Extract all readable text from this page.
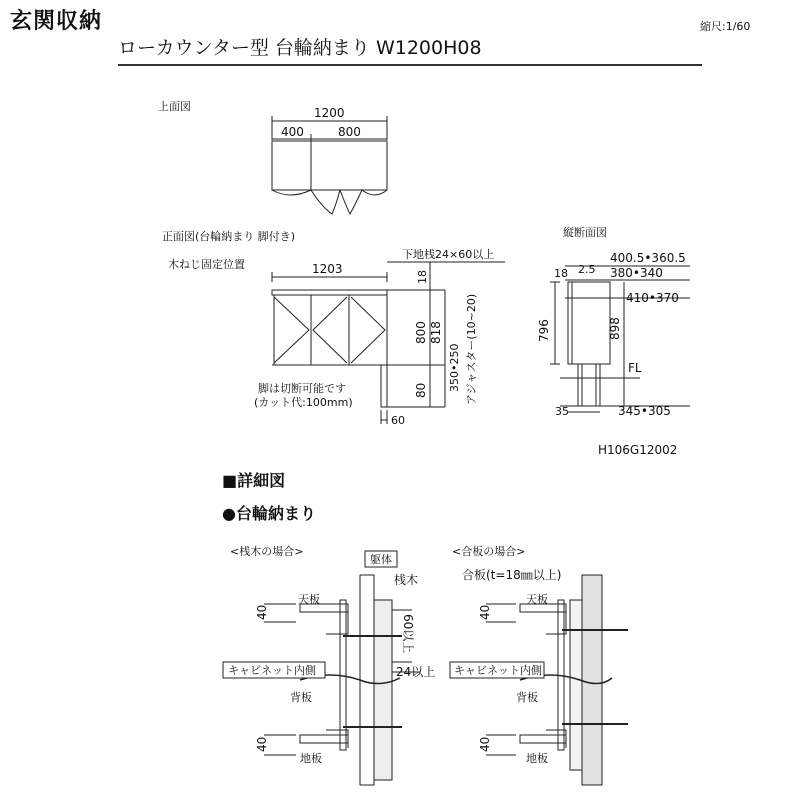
玄関収納
ローカウンター型 台輪納まり W1200H08
縮尺:1/60
上面図
木ねじ固定位置
下地桟24×60以上
1203
18
800 818
80 350•250 アジャスター(10~20)
脚は切断可能です
(カット代:100mm)
60
正面図(台輪納まり 脚付き)
1200
400	800
縦断面図
400.5•360.5
380•340
410•370
18 2.5
796	898
FL
35	345•305
<桟木の場合>	<合板の場合>
躯体
桟木	合板(t=18㎜以上)
天板	天板
キャビネット内側	キャビネット内側
背板	背板
地板	地板
40
40
40
40
60以上
24以上
H106G12002
■詳細図
●台輪納まり
